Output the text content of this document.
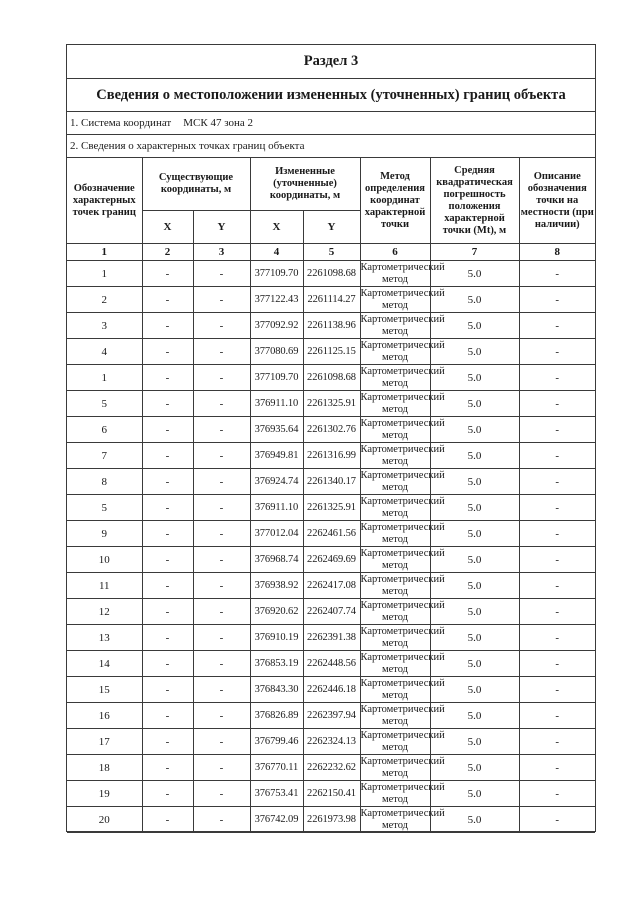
Раздел 3
Сведения о местоположении измененных (уточненных) границ объекта
1. Система координат МСК 47 зона 2
2. Сведения о характерных точках границ объекта
Обозначение характерных точек границ	Существующие координаты, м		Измененные (уточненные) координаты, м		Метод определения координат характерной точки	Средняя квадратическая погрешность положения характерной точки (Mt), м	Описание обозначения точки на местности (при наличии)
	X	Y	X	Y			
1	2	3	4	5	6	7	8
1	-	-	377109.70	2261098.68	Картометрический метод	5.0	-
2	-	-	377122.43	2261114.27	Картометрический метод	5.0	-
3	-	-	377092.92	2261138.96	Картометрический метод	5.0	-
4	-	-	377080.69	2261125.15	Картометрический метод	5.0	-
1	-	-	377109.70	2261098.68	Картометрический метод	5.0	-
5	-	-	376911.10	2261325.91	Картометрический метод	5.0	-
6	-	-	376935.64	2261302.76	Картометрический метод	5.0	-
7	-	-	376949.81	2261316.99	Картометрический метод	5.0	-
8	-	-	376924.74	2261340.17	Картометрический метод	5.0	-
5	-	-	376911.10	2261325.91	Картометрический метод	5.0	-
9	-	-	377012.04	2262461.56	Картометрический метод	5.0	-
10	-	-	376968.74	2262469.69	Картометрический метод	5.0	-
11	-	-	376938.92	2262417.08	Картометрический метод	5.0	-
12	-	-	376920.62	2262407.74	Картометрический метод	5.0	-
13	-	-	376910.19	2262391.38	Картометрический метод	5.0	-
14	-	-	376853.19	2262448.56	Картометрический метод	5.0	-
15	-	-	376843.30	2262446.18	Картометрический метод	5.0	-
16	-	-	376826.89	2262397.94	Картометрический метод	5.0	-
17	-	-	376799.46	2262324.13	Картометрический метод	5.0	-
18	-	-	376770.11	2262232.62	Картометрический метод	5.0	-
19	-	-	376753.41	2262150.41	Картометрический метод	5.0	-
20	-	-	376742.09	2261973.98	Картометрический метод	5.0	-
